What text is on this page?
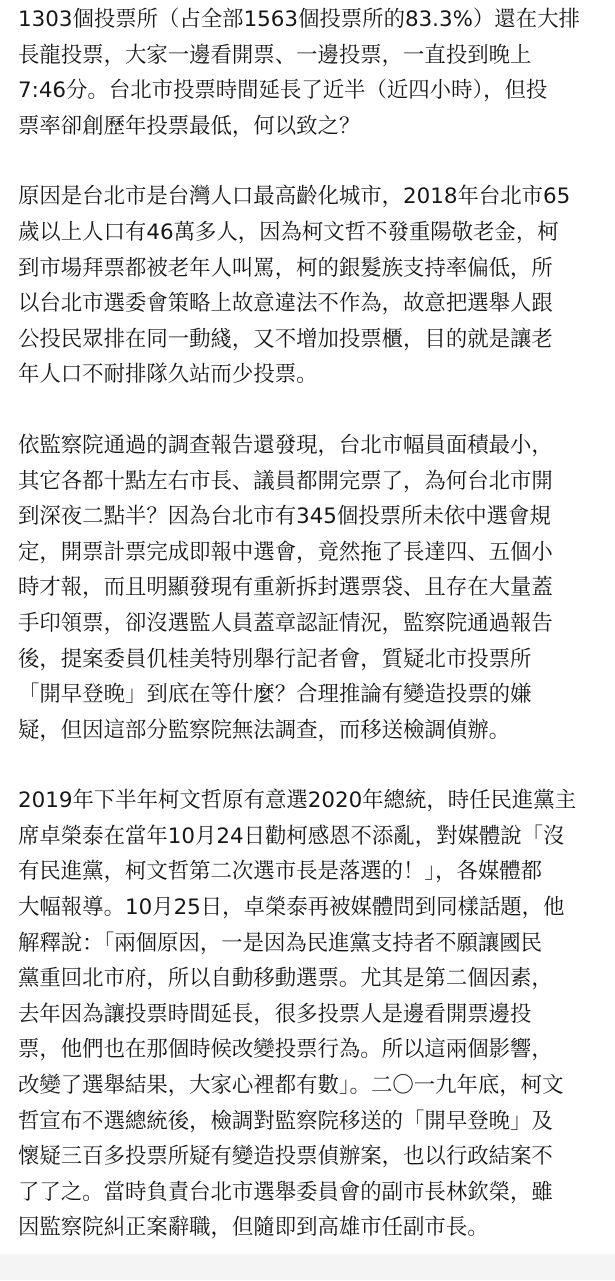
1303個投票所（占全部1563個投票所的83.3%）還在大排
長龍投票，大家一邊看開票、一邊投票，一直投到晚上
7:46分。台北市投票時間延長了近半（近四小時），但投
票率卻創歷年投票最低，何以致之？

原因是台北市是台灣人口最高齡化城市，2018年台北市65
歲以上人口有46萬多人，因為柯文哲不發重陽敬老金，柯
到市場拜票都被老年人叫罵，柯的銀髮族支持率偏低，所
以台北市選委會策略上故意違法不作為，故意把選舉人跟
公投民眾排在同一動綫，又不增加投票櫃，目的就是讓老
年人口不耐排隊久站而少投票。

依監察院通過的調查報告還發現，台北市幅員面積最小，
其它各都十點左右市長、議員都開完票了，為何台北市開
到深夜二點半？因為台北市有345個投票所未依中選會規
定，開票計票完成即報中選會，竟然拖了長達四、五個小
時才報，而且明顯發現有重新拆封選票袋、且存在大量蓋
手印領票，卻沒選監人員蓋章認証情況，監察院通過報告
後，提案委員仉桂美特別舉行記者會，質疑北市投票所
「開早登晚」到底在等什麼？合理推論有變造投票的嫌
疑，但因這部分監察院無法調查，而移送檢調偵辦。

2019年下半年柯文哲原有意選2020年總統，時任民進黨主
席卓榮泰在當年10月24日勸柯感恩不添亂，對媒體說「沒
有民進黨，柯文哲第二次選市長是落選的！」，各媒體都
大幅報導。10月25日，卓榮泰再被媒體問到同樣話題，他
解釋說：「兩個原因，一是因為民進黨支持者不願讓國民
黨重回北市府，所以自動移動選票。尤其是第二個因素，
去年因為讓投票時間延長，很多投票人是邊看開票邊投
票，他們也在那個時候改變投票行為。所以這兩個影響，
改變了選舉結果，大家心裡都有數」。二〇一九年底，柯文
哲宣布不選總統後，檢調對監察院移送的「開早登晚」及
懷疑三百多投票所疑有變造投票偵辦案，也以行政結案不
了了之。當時負責台北市選舉委員會的副市長林欽榮，雖
因監察院糾正案辭職，但隨即到高雄市任副市長。
